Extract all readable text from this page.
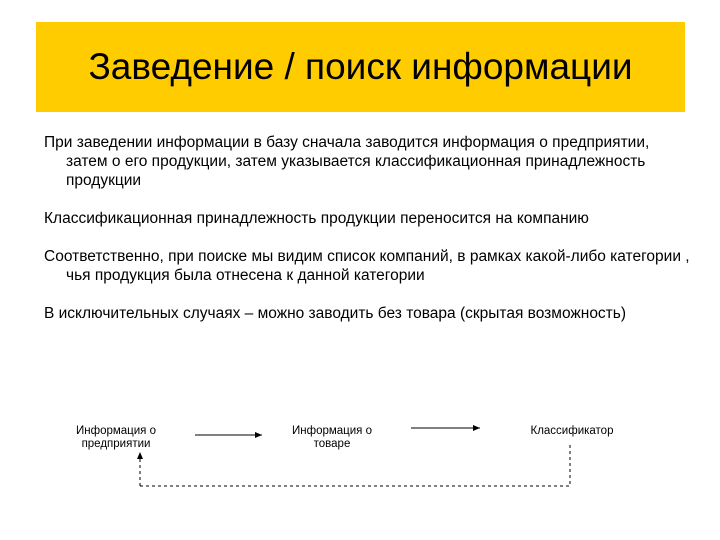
Заведение / поиск информации

При заведении информации в базу сначала заводится информация о предприятии, затем о его продукции, затем указывается классификационная принадлежность продукции

Классификационная принадлежность продукции переносится на компанию

Соответственно, при поиске мы видим список компаний, в рамках какой-либо категории , чья продукция была отнесена к данной категории

В исключительных случаях – можно заводить без товара (скрытая возможность)

Информация о
предприятии
Информация о
товаре
Классификатор
